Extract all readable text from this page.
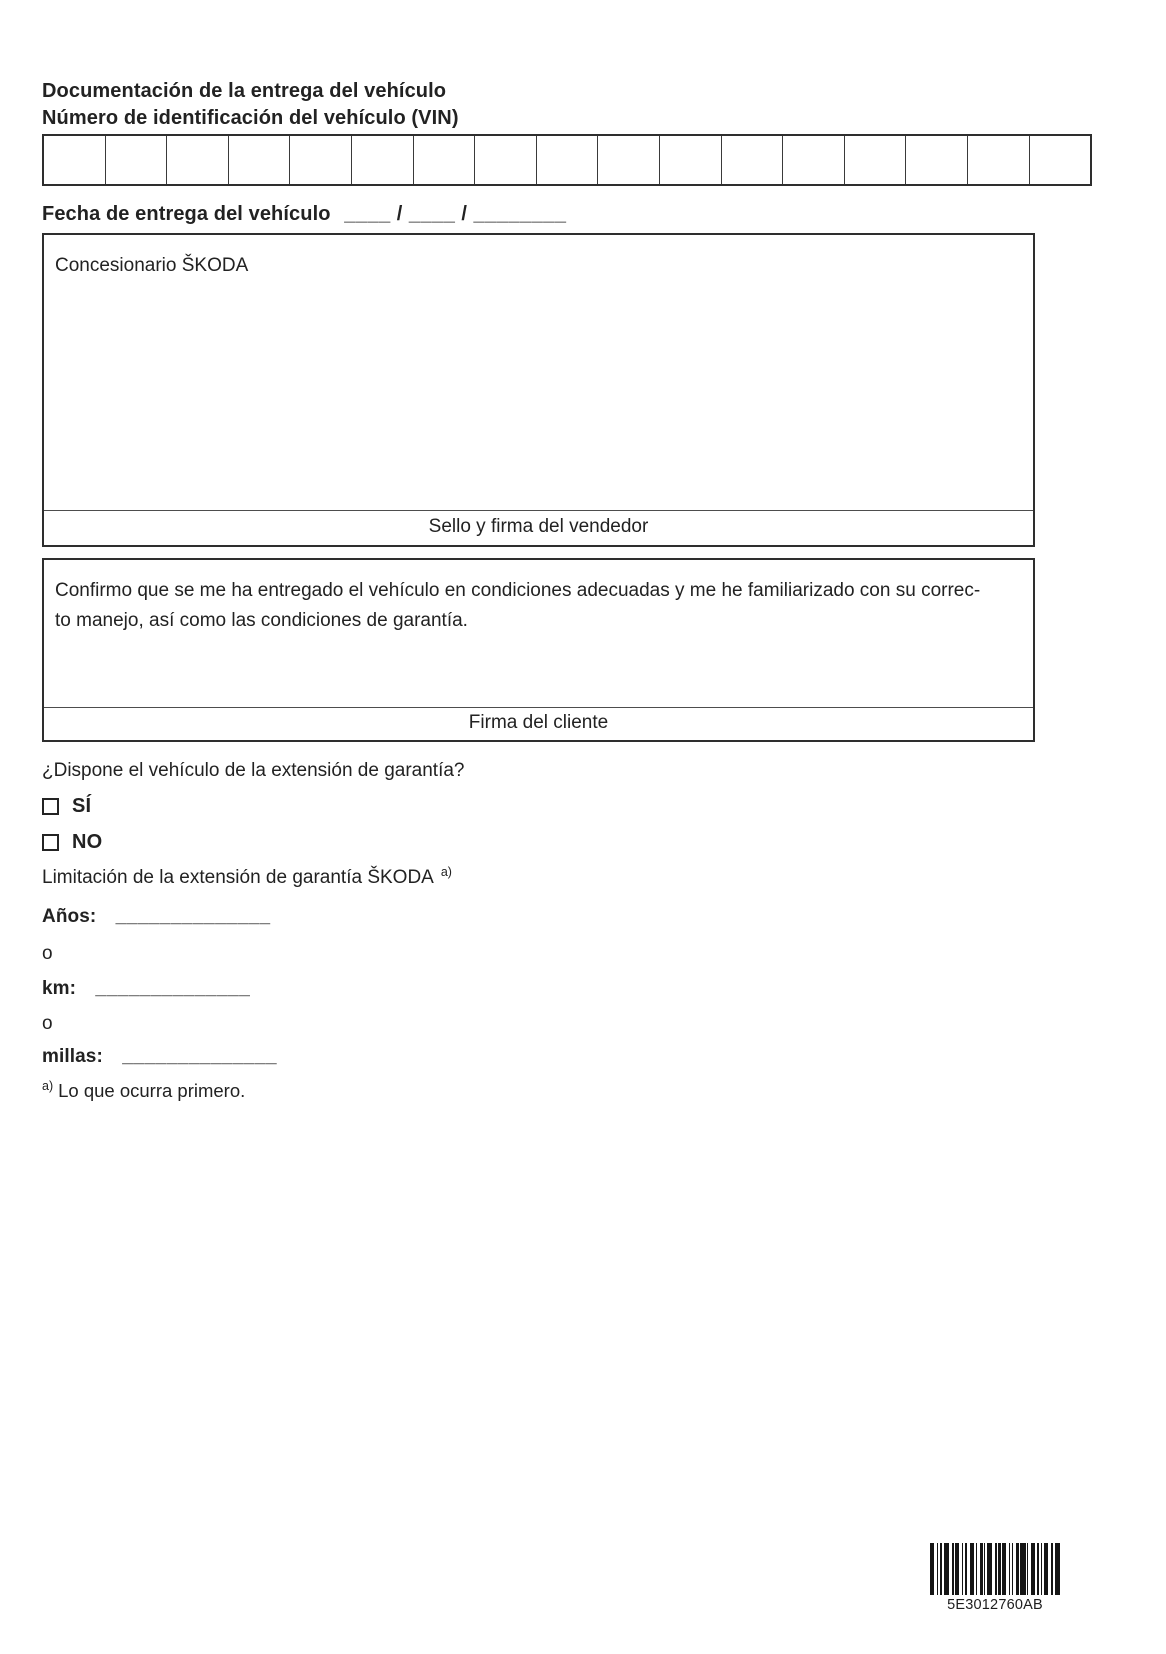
Documentación de la entrega del vehículo
Número de identificación del vehículo (VIN)
Fecha de entrega del vehículo ____ / ____ / ________
Concesionario ŠKODA
Sello y firma del vendedor
Confirmo que se me ha entregado el vehículo en condiciones adecuadas y me he familiarizado con su correc-
to manejo, así como las condiciones de garantía.
Firma del cliente
¿Dispone el vehículo de la extensión de garantía?
SÍ
NO
Limitación de la extensión de garantía ŠKODA $^{a)}$
Años: ______________
o
km: ______________
o
millas: ______________
$^{a)}$ Lo que ocurra primero.
5E3012760AB
